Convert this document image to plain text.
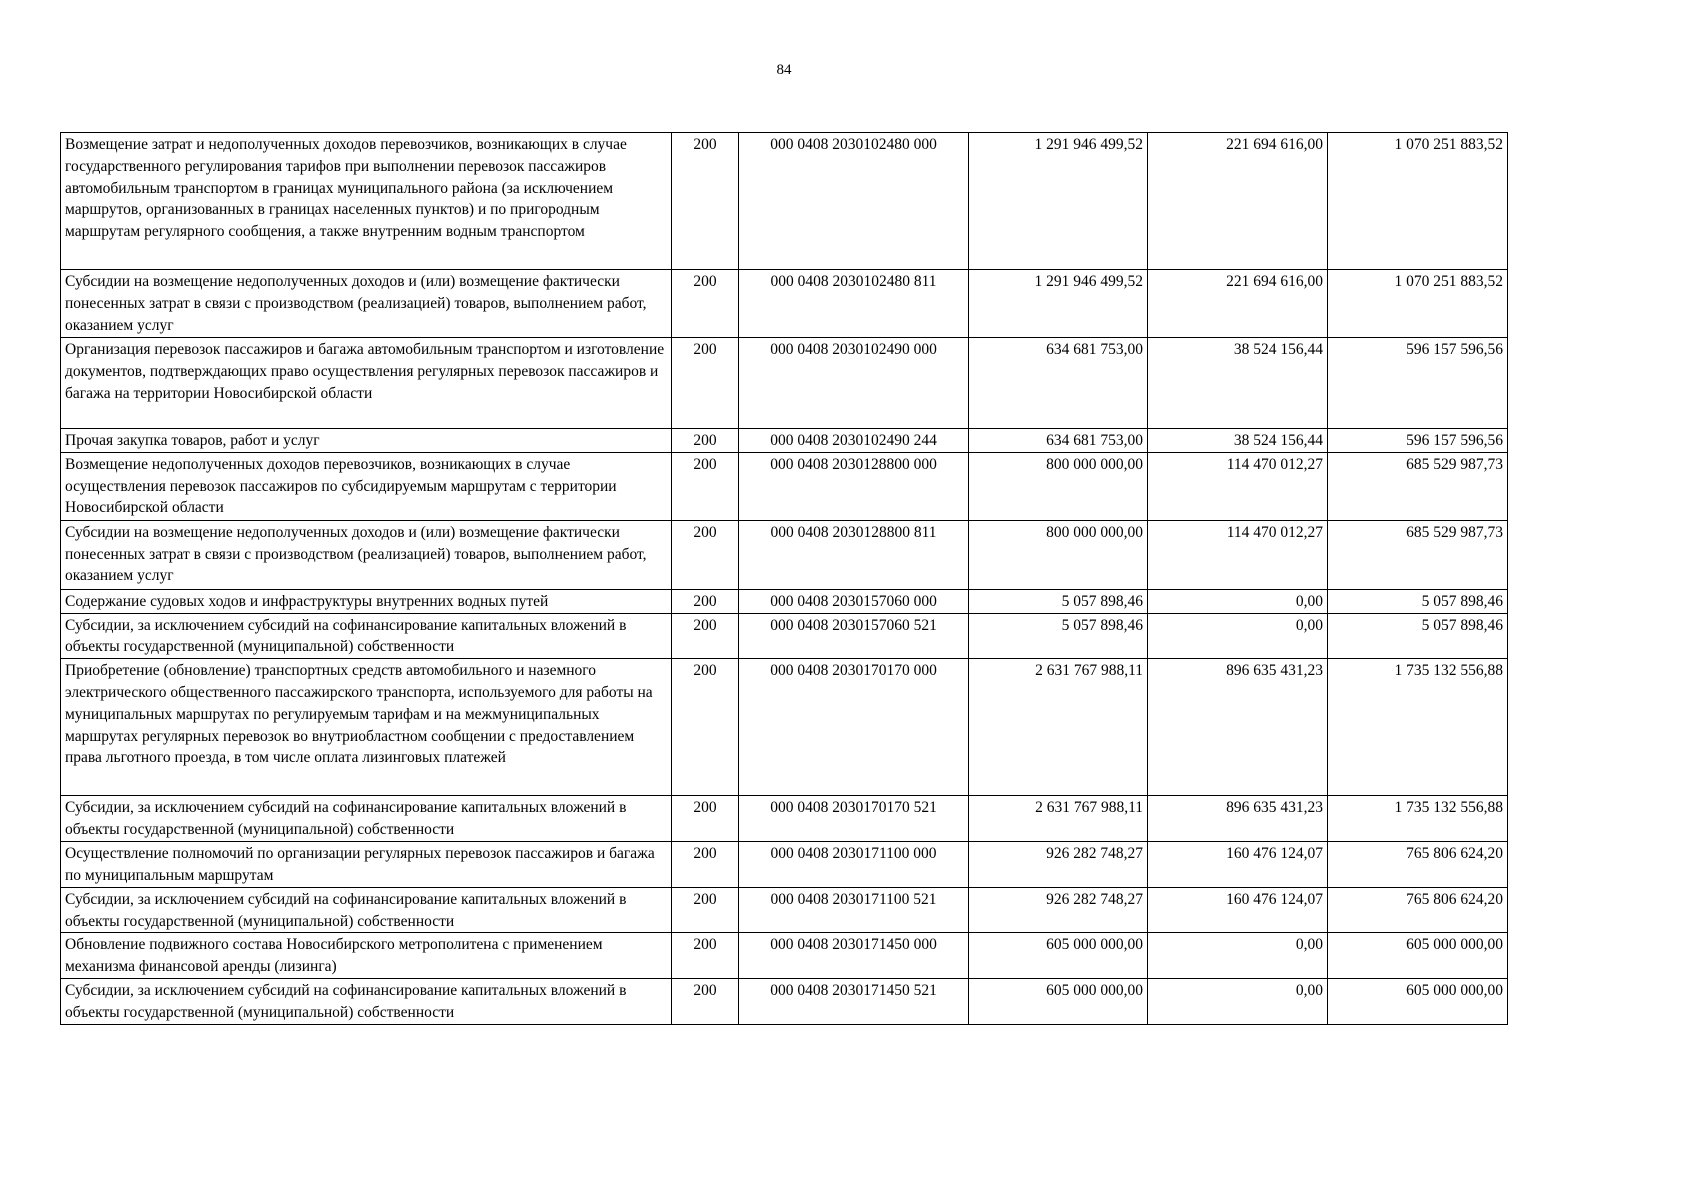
84
Возмещение затрат и недополученных доходов перевозчиков, возникающих в случае государственного регулирования тарифов при выполнении перевозок пассажиров автомобильным транспортом в границах муниципального района (за исключением маршрутов, организованных в границах населенных пунктов) и по пригородным маршрутам регулярного сообщения, а также внутренним водным транспортом	200	000 0408 2030102480 000	1 291 946 499,52	221 694 616,00	1 070 251 883,52
Субсидии на возмещение недополученных доходов и (или) возмещение фактически понесенных затрат в связи с производством (реализацией) товаров, выполнением работ, оказанием услуг	200	000 0408 2030102480 811	1 291 946 499,52	221 694 616,00	1 070 251 883,52
Организация перевозок пассажиров и багажа автомобильным транспортом и изготовление документов, подтверждающих право осуществления регулярных перевозок пассажиров и багажа на территории Новосибирской области	200	000 0408 2030102490 000	634 681 753,00	38 524 156,44	596 157 596,56
Прочая закупка товаров, работ и услуг	200	000 0408 2030102490 244	634 681 753,00	38 524 156,44	596 157 596,56
Возмещение недополученных доходов перевозчиков, возникающих в случае осуществления перевозок пассажиров по субсидируемым маршрутам с территории Новосибирской области	200	000 0408 2030128800 000	800 000 000,00	114 470 012,27	685 529 987,73
Субсидии на возмещение недополученных доходов и (или) возмещение фактически понесенных затрат в связи с производством (реализацией) товаров, выполнением работ, оказанием услуг	200	000 0408 2030128800 811	800 000 000,00	114 470 012,27	685 529 987,73
Содержание судовых ходов и инфраструктуры внутренних водных путей	200	000 0408 2030157060 000	5 057 898,46	0,00	5 057 898,46
Субсидии, за исключением субсидий на софинансирование капитальных вложений в объекты государственной (муниципальной) собственности	200	000 0408 2030157060 521	5 057 898,46	0,00	5 057 898,46
Приобретение (обновление) транспортных средств автомобильного и наземного электрического общественного пассажирского транспорта, используемого для работы на муниципальных маршрутах по регулируемым тарифам и на межмуниципальных маршрутах регулярных перевозок во внутриобластном сообщении с предоставлением права льготного проезда, в том числе оплата лизинговых платежей	200	000 0408 2030170170 000	2 631 767 988,11	896 635 431,23	1 735 132 556,88
Субсидии, за исключением субсидий на софинансирование капитальных вложений в объекты государственной (муниципальной) собственности	200	000 0408 2030170170 521	2 631 767 988,11	896 635 431,23	1 735 132 556,88
Осуществление полномочий по организации регулярных перевозок пассажиров и багажа по муниципальным маршрутам	200	000 0408 2030171100 000	926 282 748,27	160 476 124,07	765 806 624,20
Субсидии, за исключением субсидий на софинансирование капитальных вложений в объекты государственной (муниципальной) собственности	200	000 0408 2030171100 521	926 282 748,27	160 476 124,07	765 806 624,20
Обновление подвижного состава Новосибирского метрополитена с применением механизма финансовой аренды (лизинга)	200	000 0408 2030171450 000	605 000 000,00	0,00	605 000 000,00
Субсидии, за исключением субсидий на софинансирование капитальных вложений в объекты государственной (муниципальной) собственности	200	000 0408 2030171450 521	605 000 000,00	0,00	605 000 000,00
